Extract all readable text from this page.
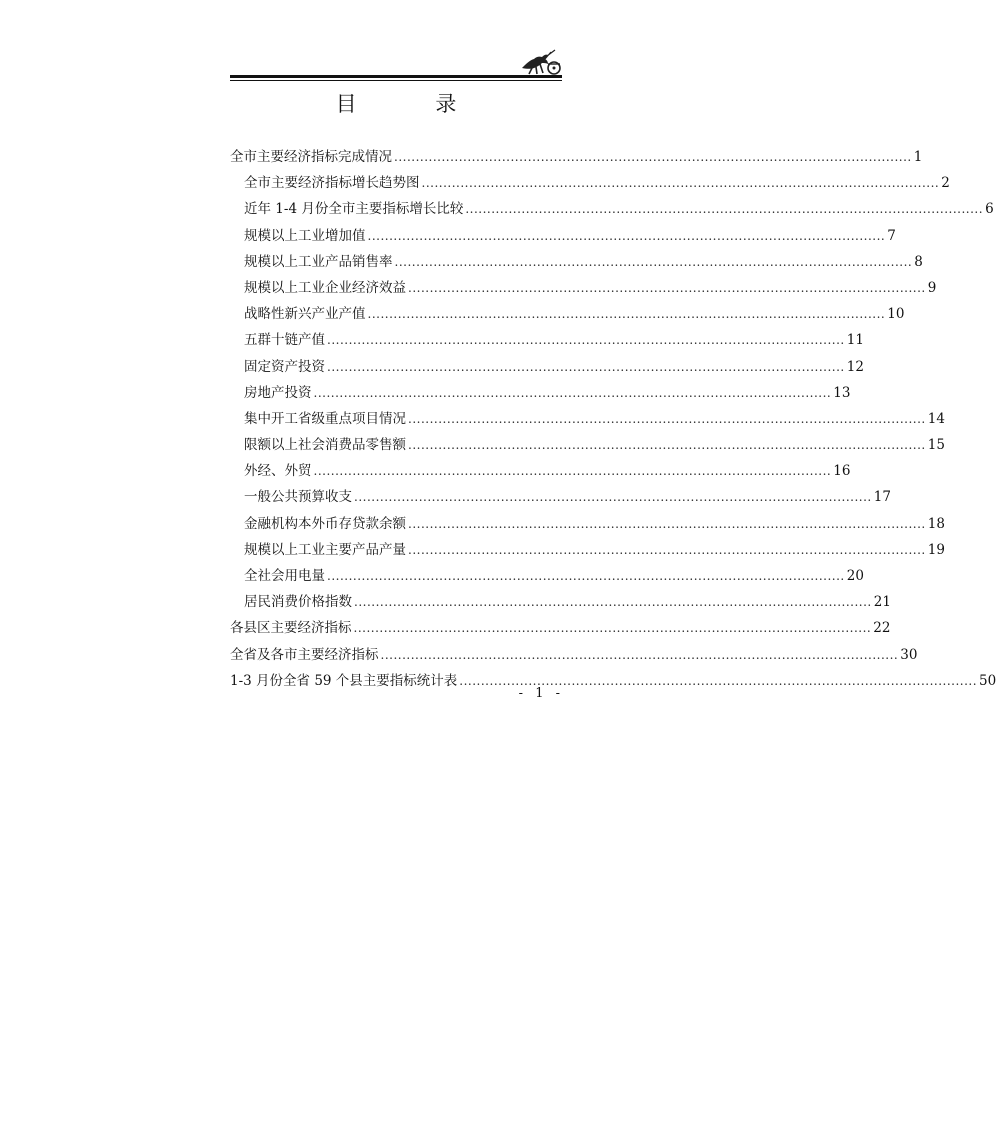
目 录
全市主要经济指标完成情况 ........................................................................................................................ 1
全市主要经济指标增长趋势图 ........................................................................................................................ 2
近年 1-4 月份全市主要指标增长比较 ........................................................................................................................ 6
规模以上工业增加值 ........................................................................................................................ 7
规模以上工业产品销售率 ........................................................................................................................ 8
规模以上工业企业经济效益 ........................................................................................................................ 9
战略性新兴产业产值 ........................................................................................................................ 10
五群十链产值 ........................................................................................................................ 11
固定资产投资 ........................................................................................................................ 12
房地产投资 ........................................................................................................................ 13
集中开工省级重点项目情况 ........................................................................................................................ 14
限额以上社会消费品零售额 ........................................................................................................................ 15
外经、外贸 ........................................................................................................................ 16
一般公共预算收支 ........................................................................................................................ 17
金融机构本外币存贷款余额 ........................................................................................................................ 18
规模以上工业主要产品产量 ........................................................................................................................ 19
全社会用电量 ........................................................................................................................ 20
居民消费价格指数 ........................................................................................................................ 21
各县区主要经济指标 ........................................................................................................................ 22
全省及各市主要经济指标 ........................................................................................................................ 30
1-3 月份全省 59 个县主要指标统计表 ........................................................................................................................ 50
- 1 -
